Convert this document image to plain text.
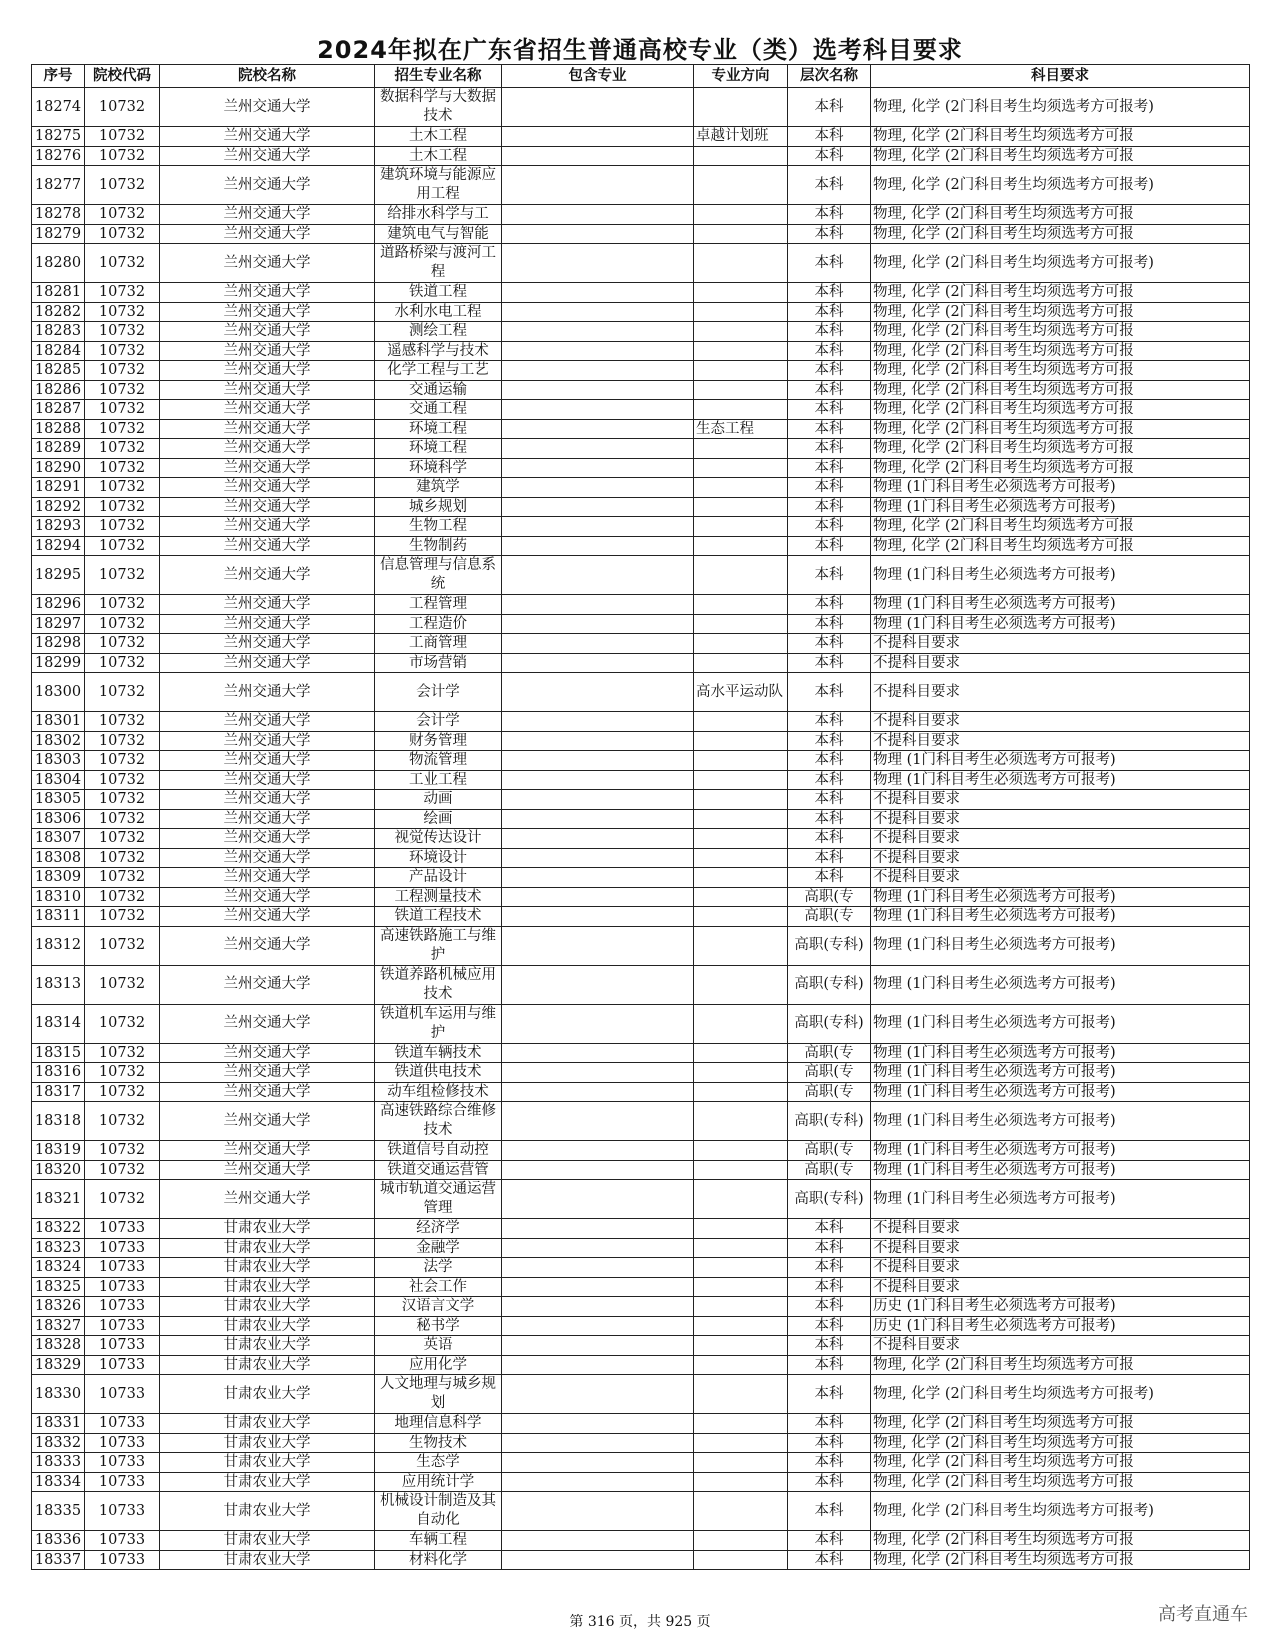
2024年拟在广东省招生普通高校专业（类）选考科目要求
序号	院校代码	院校名称	招生专业名称	包含专业	专业方向	层次名称	科目要求
18274	10732	兰州交通大学	数据科学与大数据技术			本科	物理, 化学 (2门科目考生均须选考方可报考)
18275	10732	兰州交通大学	土木工程		卓越计划班	本科	物理, 化学 (2门科目考生均须选考方可报
18276	10732	兰州交通大学	土木工程			本科	物理, 化学 (2门科目考生均须选考方可报
18277	10732	兰州交通大学	建筑环境与能源应用工程			本科	物理, 化学 (2门科目考生均须选考方可报考)
18278	10732	兰州交通大学	给排水科学与工			本科	物理, 化学 (2门科目考生均须选考方可报
18279	10732	兰州交通大学	建筑电气与智能			本科	物理, 化学 (2门科目考生均须选考方可报
18280	10732	兰州交通大学	道路桥梁与渡河工程			本科	物理, 化学 (2门科目考生均须选考方可报考)
18281	10732	兰州交通大学	铁道工程			本科	物理, 化学 (2门科目考生均须选考方可报
18282	10732	兰州交通大学	水利水电工程			本科	物理, 化学 (2门科目考生均须选考方可报
18283	10732	兰州交通大学	测绘工程			本科	物理, 化学 (2门科目考生均须选考方可报
18284	10732	兰州交通大学	遥感科学与技术			本科	物理, 化学 (2门科目考生均须选考方可报
18285	10732	兰州交通大学	化学工程与工艺			本科	物理, 化学 (2门科目考生均须选考方可报
18286	10732	兰州交通大学	交通运输			本科	物理, 化学 (2门科目考生均须选考方可报
18287	10732	兰州交通大学	交通工程			本科	物理, 化学 (2门科目考生均须选考方可报
18288	10732	兰州交通大学	环境工程		生态工程	本科	物理, 化学 (2门科目考生均须选考方可报
18289	10732	兰州交通大学	环境工程			本科	物理, 化学 (2门科目考生均须选考方可报
18290	10732	兰州交通大学	环境科学			本科	物理, 化学 (2门科目考生均须选考方可报
18291	10732	兰州交通大学	建筑学			本科	物理 (1门科目考生必须选考方可报考)
18292	10732	兰州交通大学	城乡规划			本科	物理 (1门科目考生必须选考方可报考)
18293	10732	兰州交通大学	生物工程			本科	物理, 化学 (2门科目考生均须选考方可报
18294	10732	兰州交通大学	生物制药			本科	物理, 化学 (2门科目考生均须选考方可报
18295	10732	兰州交通大学	信息管理与信息系统			本科	物理 (1门科目考生必须选考方可报考)
18296	10732	兰州交通大学	工程管理			本科	物理 (1门科目考生必须选考方可报考)
18297	10732	兰州交通大学	工程造价			本科	物理 (1门科目考生必须选考方可报考)
18298	10732	兰州交通大学	工商管理			本科	不提科目要求
18299	10732	兰州交通大学	市场营销			本科	不提科目要求
18300	10732	兰州交通大学	会计学		高水平运动队	本科	不提科目要求
18301	10732	兰州交通大学	会计学			本科	不提科目要求
18302	10732	兰州交通大学	财务管理			本科	不提科目要求
18303	10732	兰州交通大学	物流管理			本科	物理 (1门科目考生必须选考方可报考)
18304	10732	兰州交通大学	工业工程			本科	物理 (1门科目考生必须选考方可报考)
18305	10732	兰州交通大学	动画			本科	不提科目要求
18306	10732	兰州交通大学	绘画			本科	不提科目要求
18307	10732	兰州交通大学	视觉传达设计			本科	不提科目要求
18308	10732	兰州交通大学	环境设计			本科	不提科目要求
18309	10732	兰州交通大学	产品设计			本科	不提科目要求
18310	10732	兰州交通大学	工程测量技术			高职(专	物理 (1门科目考生必须选考方可报考)
18311	10732	兰州交通大学	铁道工程技术			高职(专	物理 (1门科目考生必须选考方可报考)
18312	10732	兰州交通大学	高速铁路施工与维护			高职(专科)	物理 (1门科目考生必须选考方可报考)
18313	10732	兰州交通大学	铁道养路机械应用技术			高职(专科)	物理 (1门科目考生必须选考方可报考)
18314	10732	兰州交通大学	铁道机车运用与维护			高职(专科)	物理 (1门科目考生必须选考方可报考)
18315	10732	兰州交通大学	铁道车辆技术			高职(专	物理 (1门科目考生必须选考方可报考)
18316	10732	兰州交通大学	铁道供电技术			高职(专	物理 (1门科目考生必须选考方可报考)
18317	10732	兰州交通大学	动车组检修技术			高职(专	物理 (1门科目考生必须选考方可报考)
18318	10732	兰州交通大学	高速铁路综合维修技术			高职(专科)	物理 (1门科目考生必须选考方可报考)
18319	10732	兰州交通大学	铁道信号自动控			高职(专	物理 (1门科目考生必须选考方可报考)
18320	10732	兰州交通大学	铁道交通运营管			高职(专	物理 (1门科目考生必须选考方可报考)
18321	10732	兰州交通大学	城市轨道交通运营管理			高职(专科)	物理 (1门科目考生必须选考方可报考)
18322	10733	甘肃农业大学	经济学			本科	不提科目要求
18323	10733	甘肃农业大学	金融学			本科	不提科目要求
18324	10733	甘肃农业大学	法学			本科	不提科目要求
18325	10733	甘肃农业大学	社会工作			本科	不提科目要求
18326	10733	甘肃农业大学	汉语言文学			本科	历史 (1门科目考生必须选考方可报考)
18327	10733	甘肃农业大学	秘书学			本科	历史 (1门科目考生必须选考方可报考)
18328	10733	甘肃农业大学	英语			本科	不提科目要求
18329	10733	甘肃农业大学	应用化学			本科	物理, 化学 (2门科目考生均须选考方可报
18330	10733	甘肃农业大学	人文地理与城乡规划			本科	物理, 化学 (2门科目考生均须选考方可报考)
18331	10733	甘肃农业大学	地理信息科学			本科	物理, 化学 (2门科目考生均须选考方可报
18332	10733	甘肃农业大学	生物技术			本科	物理, 化学 (2门科目考生均须选考方可报
18333	10733	甘肃农业大学	生态学			本科	物理, 化学 (2门科目考生均须选考方可报
18334	10733	甘肃农业大学	应用统计学			本科	物理, 化学 (2门科目考生均须选考方可报
18335	10733	甘肃农业大学	机械设计制造及其自动化			本科	物理, 化学 (2门科目考生均须选考方可报考)
18336	10733	甘肃农业大学	车辆工程			本科	物理, 化学 (2门科目考生均须选考方可报
18337	10733	甘肃农业大学	材料化学			本科	物理, 化学 (2门科目考生均须选考方可报
第 316 页，共 925 页	高考直通车
